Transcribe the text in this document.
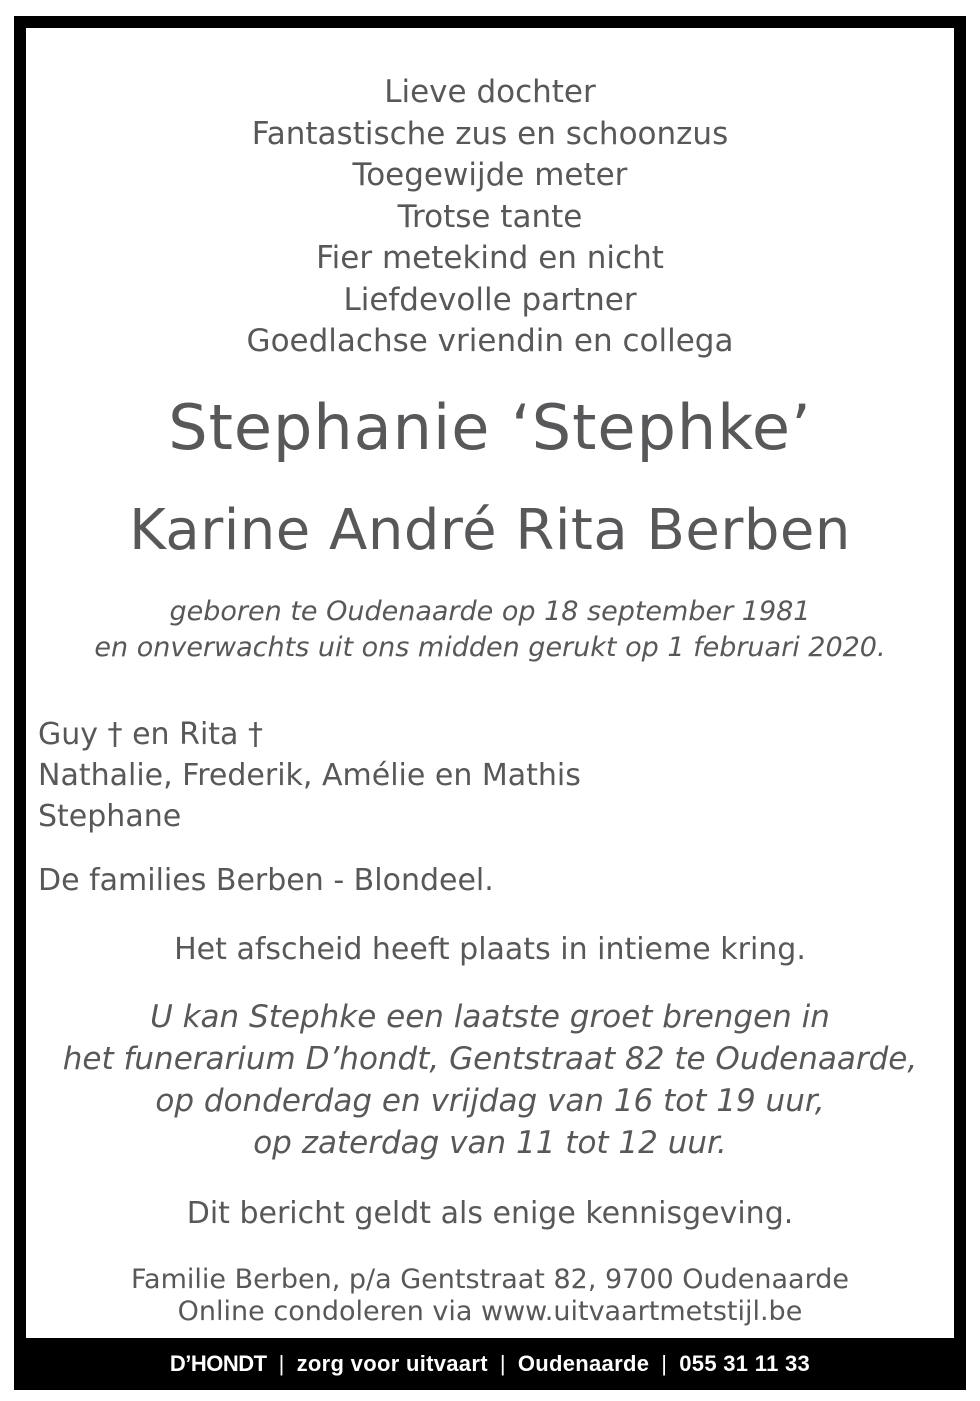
Lieve dochter
Fantastische zus en schoonzus
Toegewijde meter
Trotse tante
Fier metekind en nicht
Liefdevolle partner
Goedlachse vriendin en collega
Stephanie ‘Stephke’
Karine André Rita Berben
geboren te Oudenaarde op 18 september 1981
en onverwachts uit ons midden gerukt op 1 februari 2020.
Guy † en Rita †
Nathalie, Frederik, Amélie en Mathis
Stephane
De families Berben - Blondeel.
Het afscheid heeft plaats in intieme kring.
U kan Stephke een laatste groet brengen in
het funerarium D’hondt, Gentstraat 82 te Oudenaarde,
op donderdag en vrijdag van 16 tot 19 uur,
op zaterdag van 11 tot 12 uur.
Dit bericht geldt als enige kennisgeving.
Familie Berben, p/a Gentstraat 82, 9700 Oudenaarde
Online condoleren via www.uitvaartmetstijl.be
D’HONDT | zorg voor uitvaart | Oudenaarde | 055 31 11 33
